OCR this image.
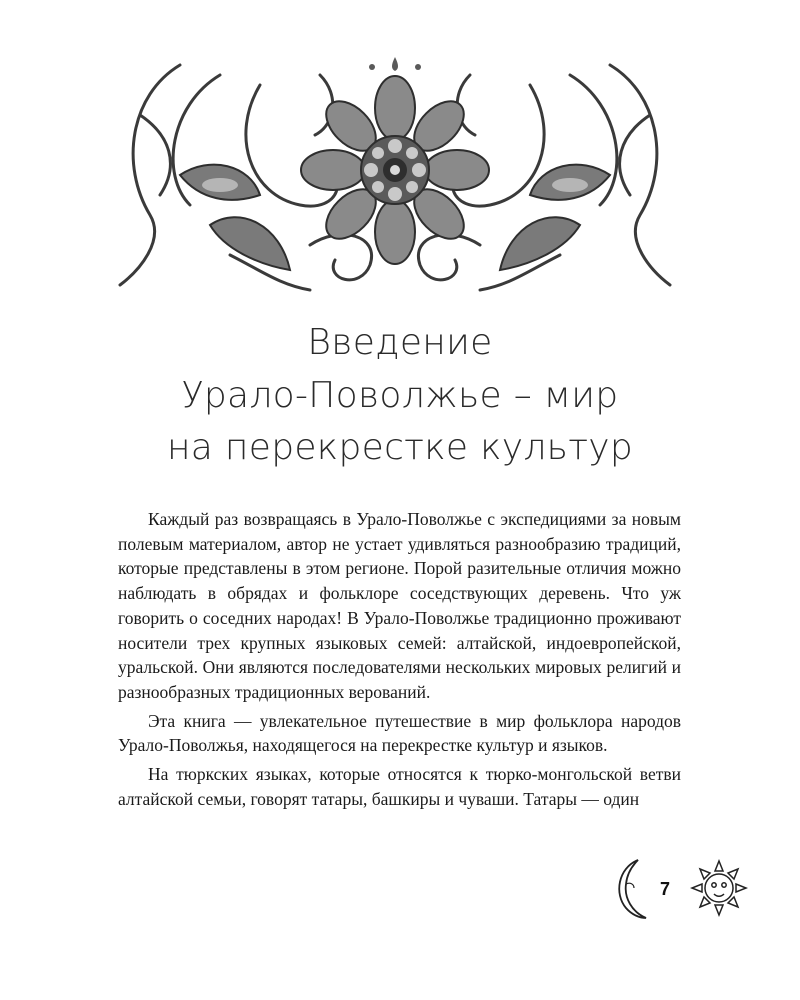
Введение
Урало-Поволжье – мир
на перекрестке культур

Каждый раз возвращаясь в Урало-Поволжье с экспедициями за новым полевым материалом, автор не устает удивляться разнообразию традиций, которые представлены в этом регионе. Порой разительные отличия можно наблюдать в обрядах и фольклоре соседствующих деревень. Что уж говорить о соседних народах! В Урало-Поволжье традиционно проживают носители трех крупных языковых семей: алтайской, индоевропейской, уральской. Они являются последователями нескольких мировых религий и разнообразных традиционных верований.

Эта книга — увлекательное путешествие в мир фольклора народов Урало-Поволжья, находящегося на перекрестке культур и языков.

На тюркских языках, которые относятся к тюрко-монгольской ветви алтайской семьи, говорят татары, башкиры и чуваши. Татары — один

7
